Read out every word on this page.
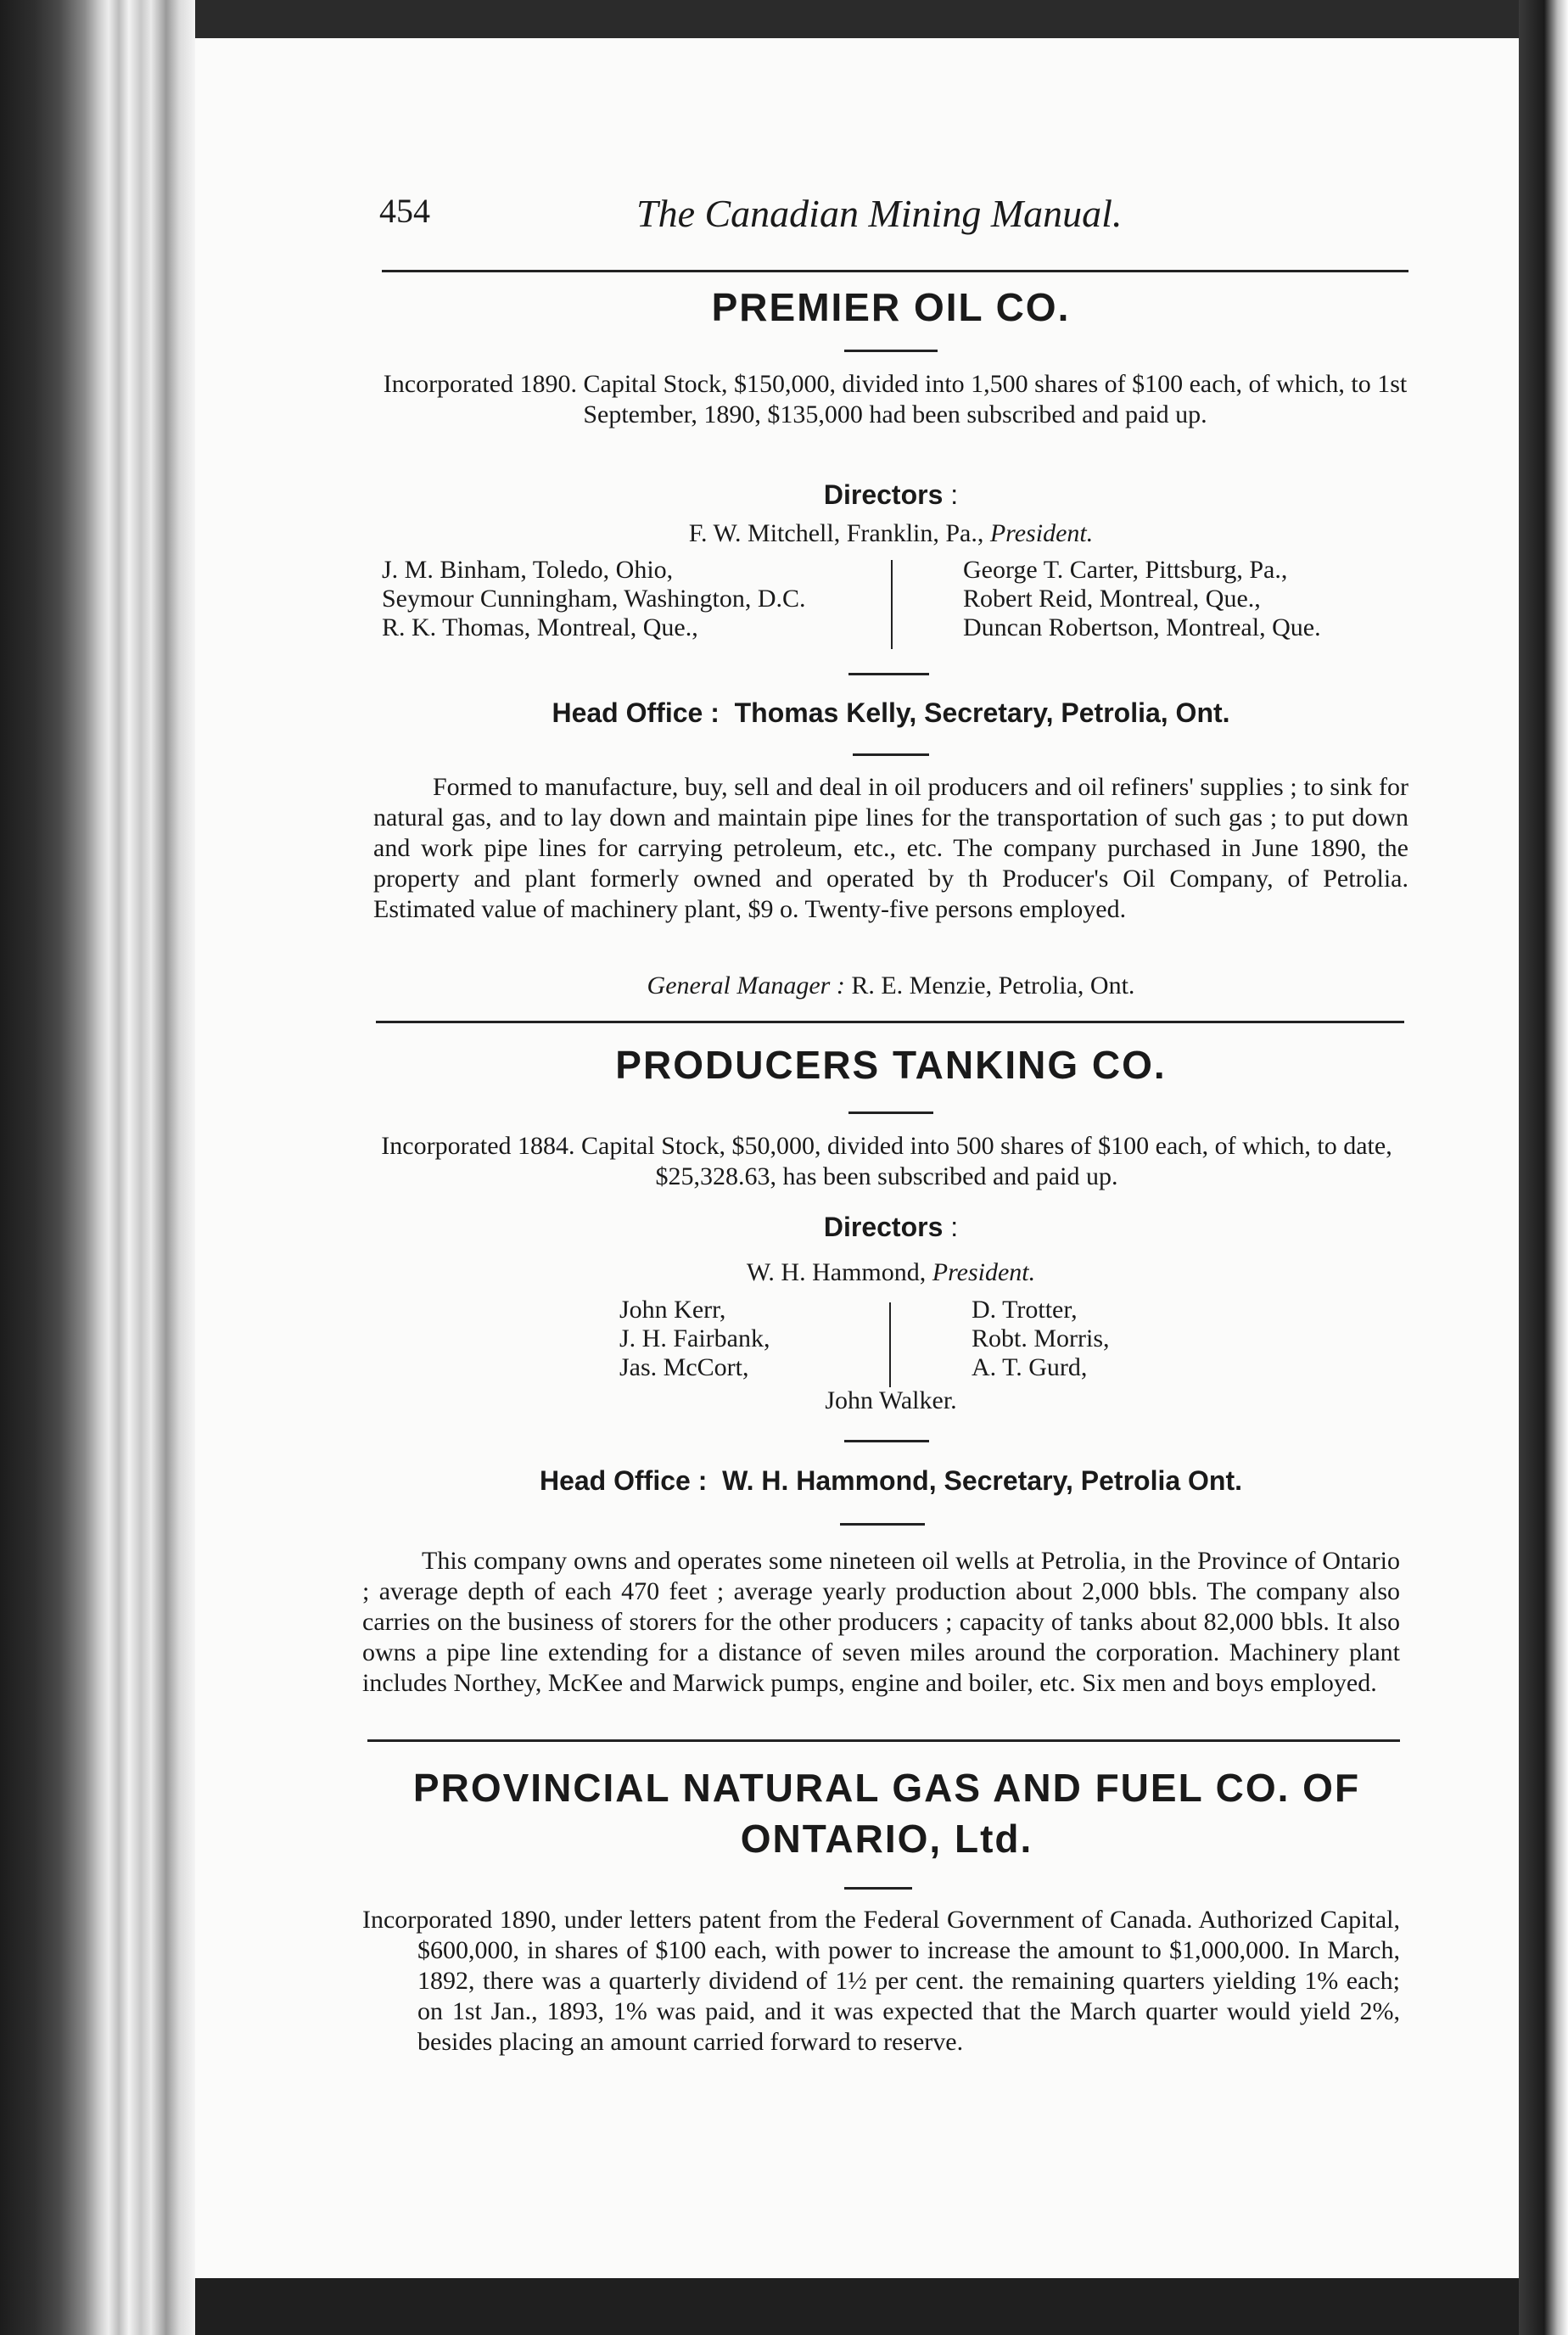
454	The Canadian Mining Manual.
PREMIER OIL CO.
Incorporated 1890. Capital Stock, $150,000, divided into 1,500 shares of $100 each, of which, to 1st September, 1890, $135,000 had been subscribed and paid up.
Directors :
F. W. Mitchell, Franklin, Pa., President.
J. M. Binham, Toledo, Ohio,
Seymour Cunningham, Washington, D.C.
R. K. Thomas, Montreal, Que.,
George T. Carter, Pittsburg, Pa.,
Robert Reid, Montreal, Que.,
Duncan Robertson, Montreal, Que.
Head Office : Thomas Kelly, Secretary, Petrolia, Ont.
Formed to manufacture, buy, sell and deal in oil producers and oil refiners' supplies ; to sink for natural gas, and to lay down and maintain pipe lines for the transportation of such gas ; to put down and work pipe lines for carrying petroleum, etc., etc. The company purchased in June 1890, the property and plant formerly owned and operated by th Producer's Oil Company, of Petrolia. Estimated value of machinery plant, $9 o. Twenty-five persons employed.
General Manager : R. E. Menzie, Petrolia, Ont.
PRODUCERS TANKING CO.
Incorporated 1884. Capital Stock, $50,000, divided into 500 shares of $100 each, of which, to date, $25,328.63, has been subscribed and paid up.
Directors :
W. H. Hammond, President.
John Kerr,
J. H. Fairbank,
Jas. McCort,
D. Trotter,
Robt. Morris,
A. T. Gurd,
John Walker.
Head Office : W. H. Hammond, Secretary, Petrolia Ont.
This company owns and operates some nineteen oil wells at Petrolia, in the Province of Ontario ; average depth of each 470 feet ; average yearly production about 2,000 bbls. The company also carries on the business of storers for the other producers ; capacity of tanks about 82,000 bbls. It also owns a pipe line extending for a distance of seven miles around the corporation. Machinery plant includes Northey, McKee and Marwick pumps, engine and boiler, etc. Six men and boys employed.
PROVINCIAL NATURAL GAS AND FUEL CO. OF
ONTARIO, Ltd.
Incorporated 1890, under letters patent from the Federal Government of Canada. Authorized Capital, $600,000, in shares of $100 each, with power to increase the amount to $1,000,000. In March, 1892, there was a quarterly dividend of 1½ per cent. the remaining quarters yielding 1% each; on 1st Jan., 1893, 1% was paid, and it was expected that the March quarter would yield 2%, besides placing an amount carried forward to reserve.
